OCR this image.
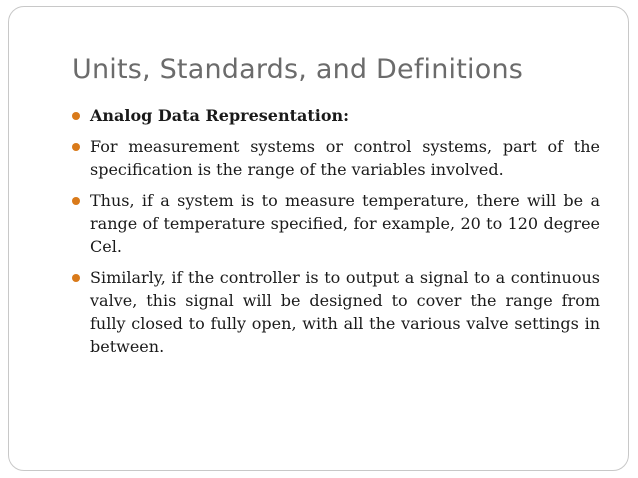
Units, Standards, and Definitions
Analog Data Representation:
For measurement systems or control systems, part of the specification is the range of the variables involved.
Thus, if a system is to measure temperature, there will be a range of temperature specified, for example, 20 to 120 degree Cel.
Similarly, if the controller is to output a signal to a continuous valve, this signal will be designed to cover the range from fully closed to fully open, with all the various valve settings in between.
